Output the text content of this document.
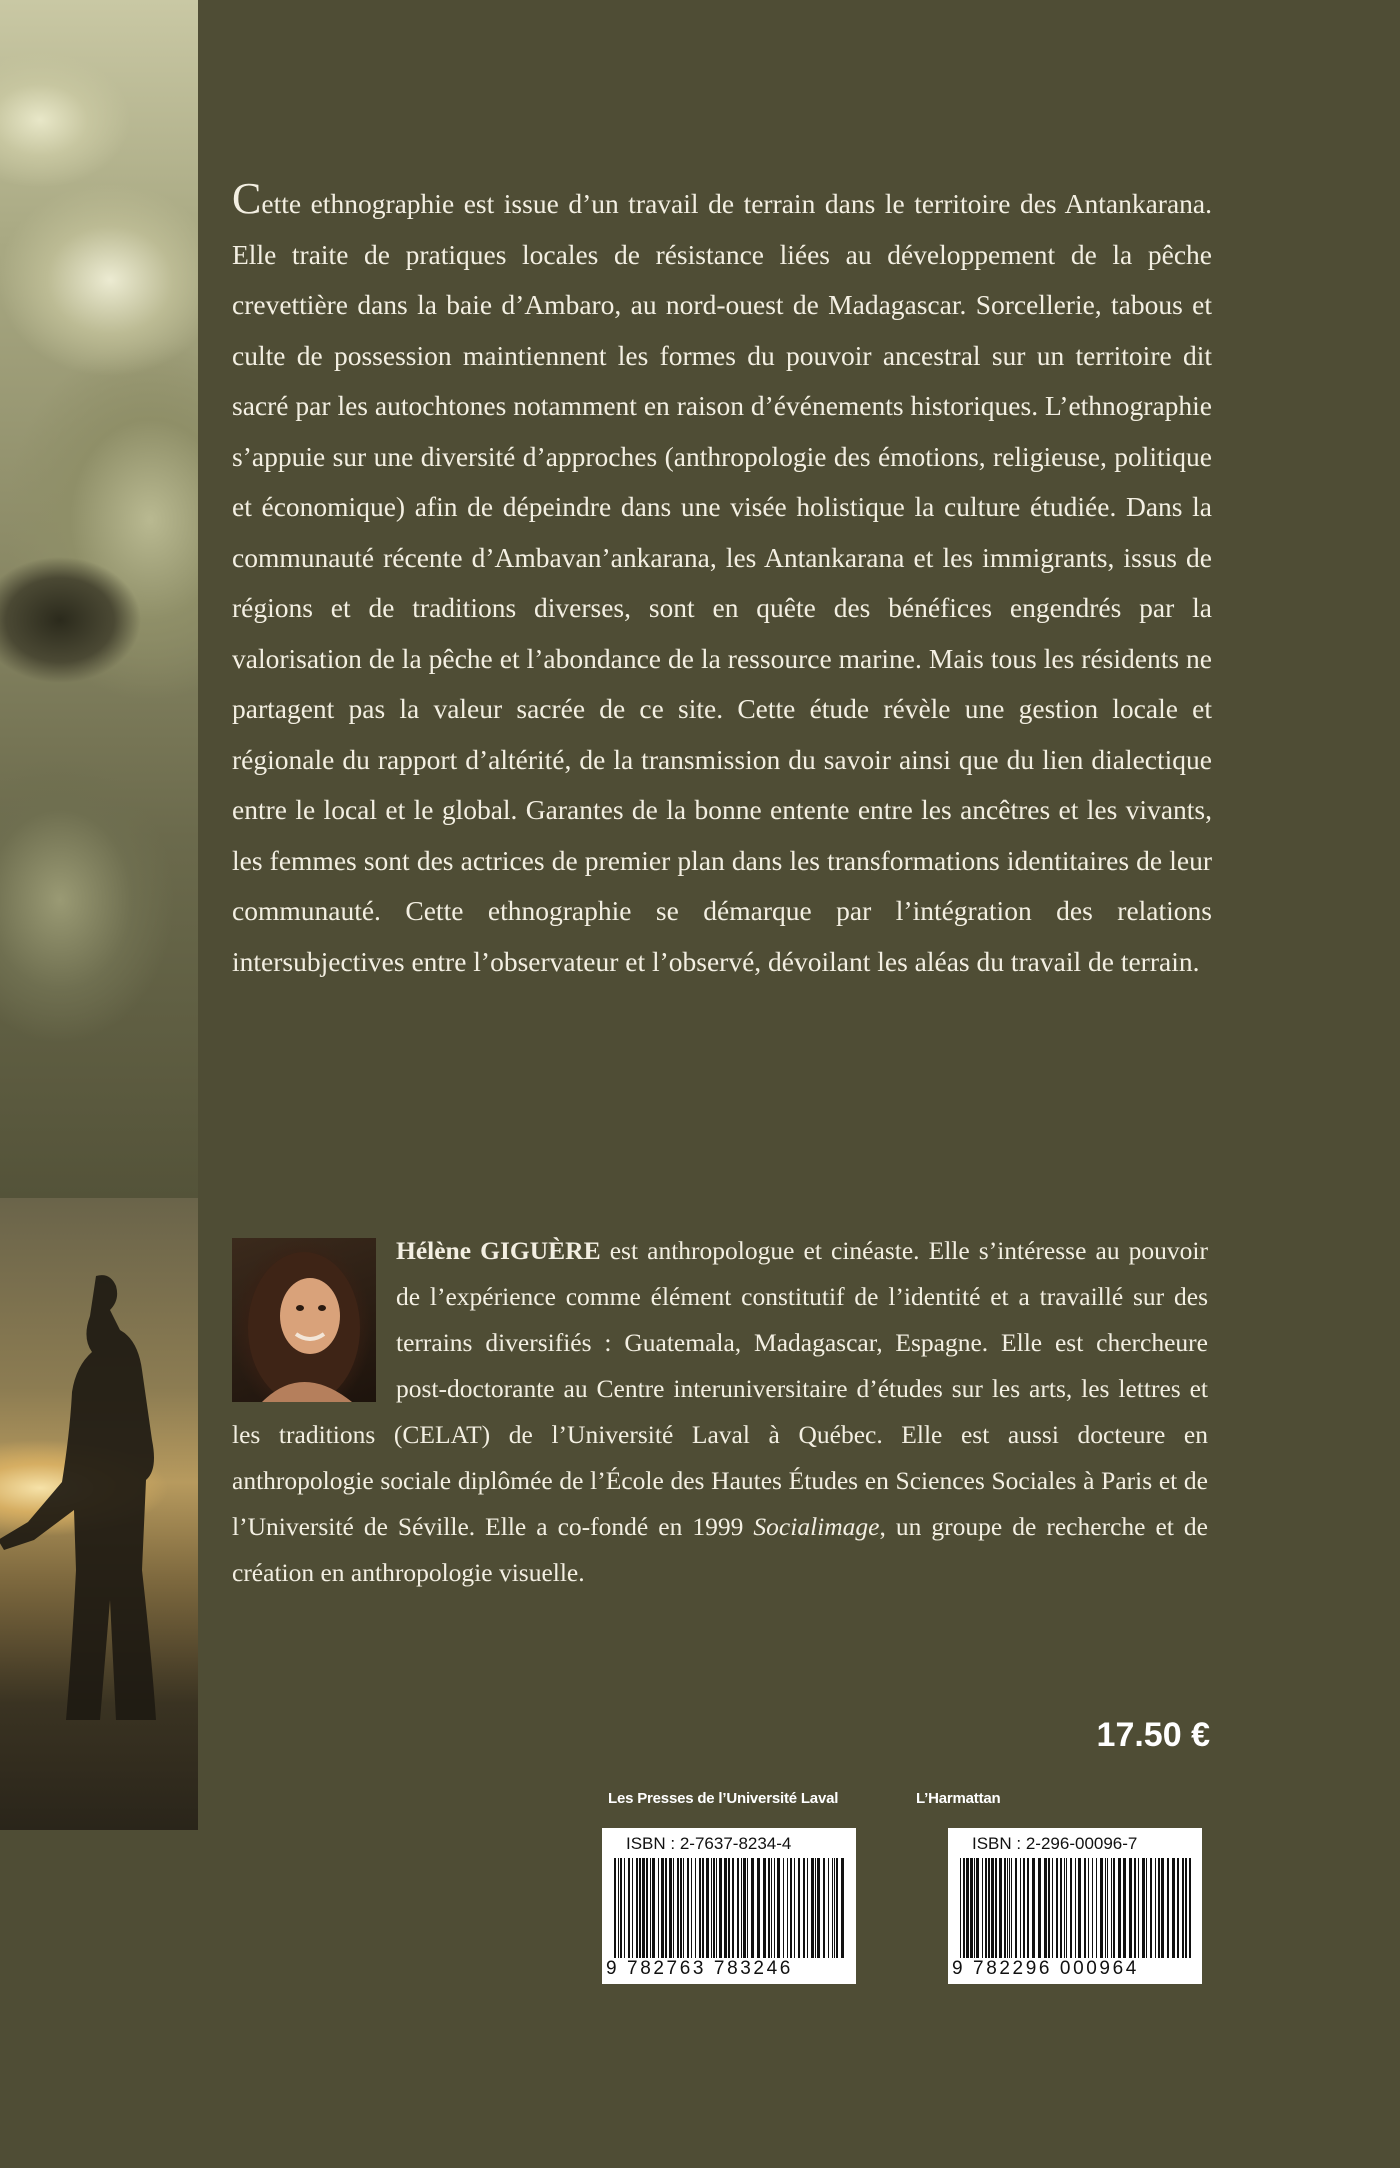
Cette ethnographie est issue d’un travail de terrain dans le territoire des Antankarana. Elle traite de pratiques locales de résistance liées au développement de la pêche crevettière dans la baie d’Ambaro, au nord-ouest de Madagascar. Sorcellerie, tabous et culte de possession maintiennent les formes du pouvoir ancestral sur un territoire dit sacré par les autochtones notamment en raison d’événements historiques. L’ethnographie s’appuie sur une diversité d’approches (anthropologie des émotions, religieuse, politique et économique) afin de dépeindre dans une visée holistique la culture étudiée. Dans la communauté récente d’Ambavan’ankarana, les Antankarana et les immigrants, issus de régions et de traditions diverses, sont en quête des bénéfices engendrés par la valorisation de la pêche et l’abondance de la ressource marine. Mais tous les résidents ne partagent pas la valeur sacrée de ce site. Cette étude révèle une gestion locale et régionale du rapport d’altérité, de la transmission du savoir ainsi que du lien dialectique entre le local et le global. Garantes de la bonne entente entre les ancêtres et les vivants, les femmes sont des actrices de premier plan dans les transformations identitaires de leur communauté. Cette ethnographie se démarque par l’intégration des relations intersubjectives entre l’observateur et l’observé, dévoilant les aléas du travail de terrain.

Hélène GIGUÈRE est anthropologue et cinéaste. Elle s’intéresse au pouvoir de l’expérience comme élément constitutif de l’identité et a travaillé sur des terrains diversifiés : Guatemala, Madagascar, Espagne. Elle est chercheure post-doctorante au Centre interuniversitaire d’études sur les arts, les lettres et les traditions (CELAT) de l’Université Laval à Québec. Elle est aussi docteure en anthropologie sociale diplômée de l’École des Hautes Études en Sciences Sociales à Paris et de l’Université de Séville. Elle a co-fondé en 1999 Socialimage, un groupe de recherche et de création en anthropologie visuelle.

17.50 €
Les Presses de l’Université Laval	L’Harmattan
ISBN : 2-7637-8234-4
9 782763 783246
ISBN : 2-296-00096-7
9 782296 000964
